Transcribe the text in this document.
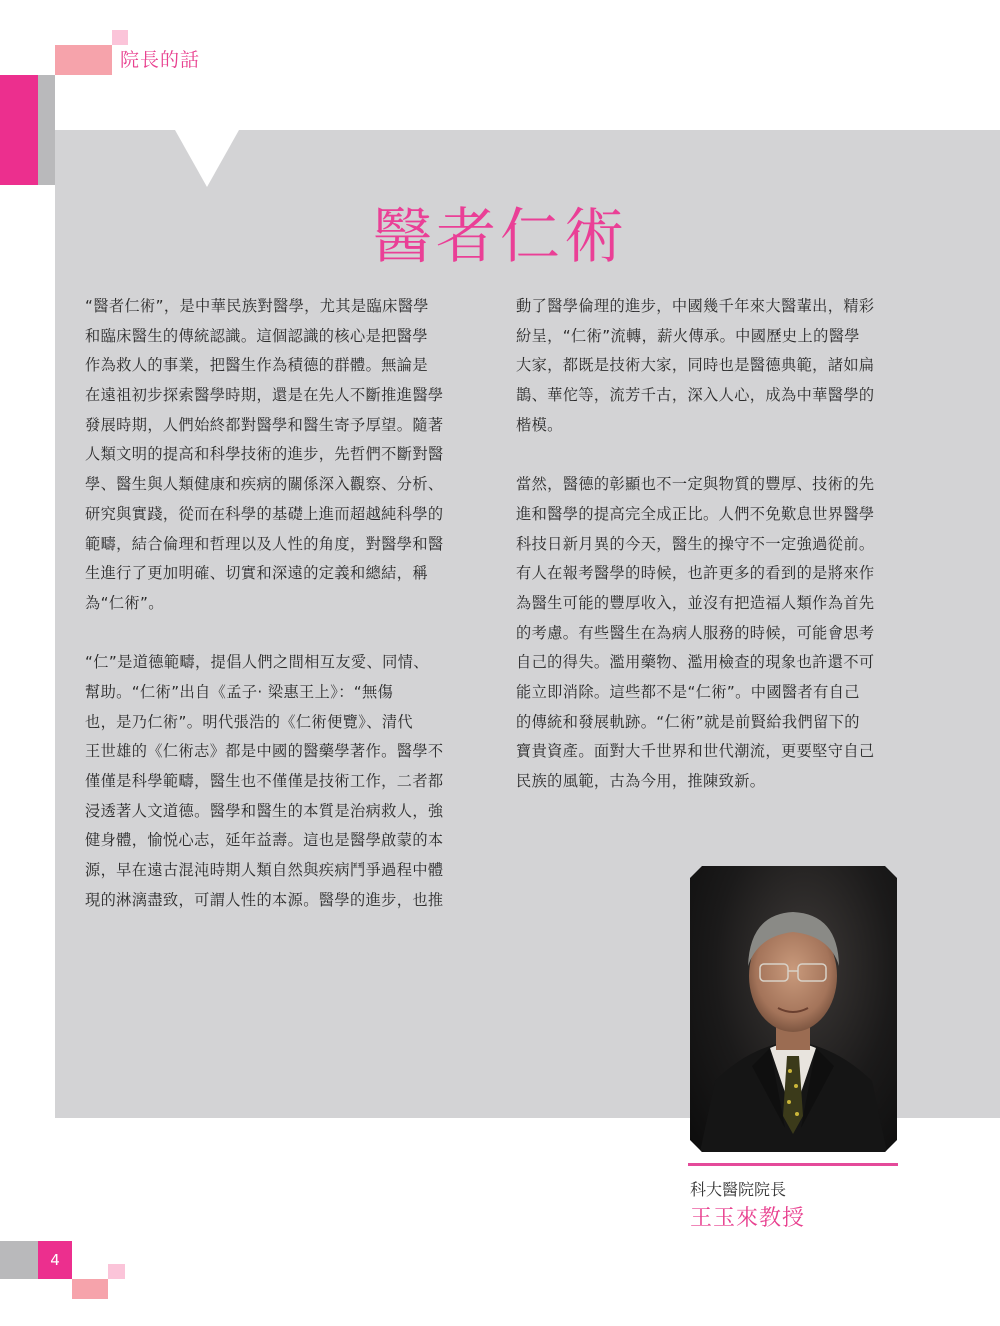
院長的話
醫者仁術
“醫者仁術”，是中華民族對醫學，尤其是臨床醫學
和臨床醫生的傳統認識。這個認識的核心是把醫學
作為救人的事業，把醫生作為積德的群體。無論是
在遠祖初步探索醫學時期，還是在先人不斷推進醫學
發展時期，人們始終都對醫學和醫生寄予厚望。隨著
人類文明的提高和科學技術的進步，先哲們不斷對醫
學、醫生與人類健康和疾病的關係深入觀察、分析、
研究與實踐，從而在科學的基礎上進而超越純科學的
範疇，結合倫理和哲理以及人性的角度，對醫學和醫
生進行了更加明確、切實和深遠的定義和總結，稱
為“仁術”。
“仁”是道德範疇，提倡人們之間相互友愛、同情、
幫助。“仁術”出自《孟子· 梁惠王上》：“無傷
也，是乃仁術”。明代張浩的《仁術便覽》、清代
王世雄的《仁術志》都是中國的醫藥學著作。醫學不
僅僅是科學範疇，醫生也不僅僅是技術工作，二者都
浸透著人文道德。醫學和醫生的本質是治病救人，強
健身體，愉悦心志，延年益壽。這也是醫學啟蒙的本
源，早在遠古混沌時期人類自然與疾病鬥爭過程中體
現的淋漓盡致，可謂人性的本源。醫學的進步，也推
動了醫學倫理的進步，中國幾千年來大醫輩出，精彩
紛呈，“仁術”流轉，薪火傳承。中國歷史上的醫學
大家，都既是技術大家，同時也是醫德典範，諸如扁
鵲、華佗等，流芳千古，深入人心，成為中華醫學的
楷模。
當然，醫德的彰顯也不一定與物質的豐厚、技術的先
進和醫學的提高完全成正比。人們不免歎息世界醫學
科技日新月異的今天，醫生的操守不一定強過從前。
有人在報考醫學的時候，也許更多的看到的是將來作
為醫生可能的豐厚收入，並沒有把造福人類作為首先
的考慮。有些醫生在為病人服務的時候，可能會思考
自己的得失。濫用藥物、濫用檢查的現象也許還不可
能立即消除。這些都不是“仁術”。中國醫者有自己
的傳統和發展軌跡。“仁術”就是前賢給我們留下的
寶貴資產。面對大千世界和世代潮流，更要堅守自己
民族的風範，古為今用，推陳致新。
科大醫院院長
王玉來教授
4
